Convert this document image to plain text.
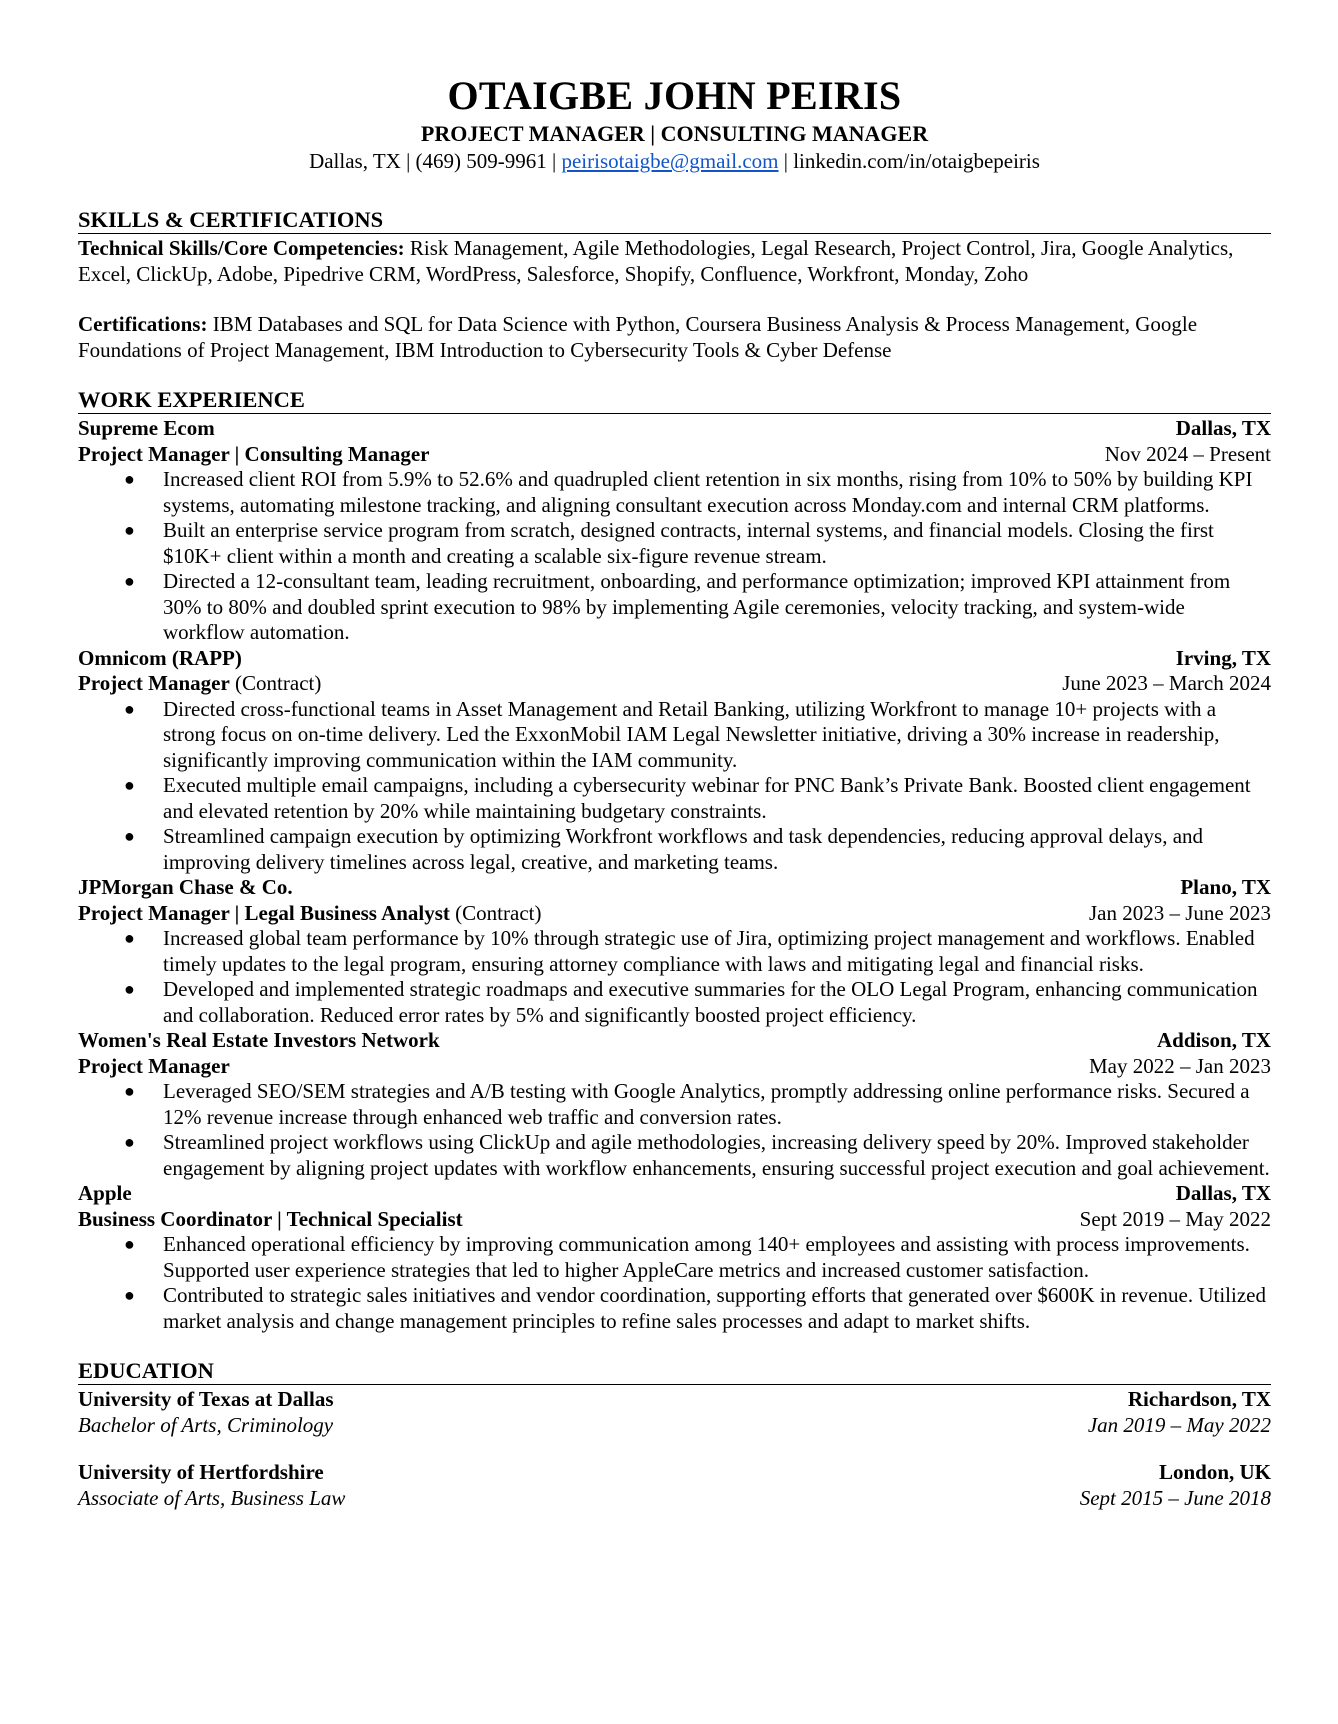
OTAIGBE JOHN PEIRIS
PROJECT MANAGER | CONSULTING MANAGER
Dallas, TX | (469) 509-9961 | peirisotaigbe@gmail.com | linkedin.com/in/otaigbepeiris
SKILLS & CERTIFICATIONS

Technical Skills/Core Competencies: Risk Management, Agile Methodologies, Legal Research, Project Control, Jira, Google Analytics, Excel, ClickUp, Adobe, Pipedrive CRM, WordPress, Salesforce, Shopify, Confluence, Workfront, Monday, Zoho

Certifications: IBM Databases and SQL for Data Science with Python, Coursera Business Analysis & Process Management, Google Foundations of Project Management, IBM Introduction to Cybersecurity Tools & Cyber Defense

WORK EXPERIENCE
Supreme Ecom	Dallas, TX
Project Manager | Consulting Manager	Nov 2024 – Present
● Increased client ROI from 5.9% to 52.6% and quadrupled client retention in six months, rising from 10% to 50% by building KPI systems, automating milestone tracking, and aligning consultant execution across Monday.com and internal CRM platforms.
● Built an enterprise service program from scratch, designed contracts, internal systems, and financial models. Closing the first $10K+ client within a month and creating a scalable six-figure revenue stream.
● Directed a 12-consultant team, leading recruitment, onboarding, and performance optimization; improved KPI attainment from 30% to 80% and doubled sprint execution to 98% by implementing Agile ceremonies, velocity tracking, and system-wide workflow automation.
Omnicom (RAPP)	Irving, TX
Project Manager (Contract)	June 2023 – March 2024
● Directed cross-functional teams in Asset Management and Retail Banking, utilizing Workfront to manage 10+ projects with a strong focus on on-time delivery. Led the ExxonMobil IAM Legal Newsletter initiative, driving a 30% increase in readership, significantly improving communication within the IAM community.
● Executed multiple email campaigns, including a cybersecurity webinar for PNC Bank’s Private Bank. Boosted client engagement and elevated retention by 20% while maintaining budgetary constraints.
● Streamlined campaign execution by optimizing Workfront workflows and task dependencies, reducing approval delays, and improving delivery timelines across legal, creative, and marketing teams.
JPMorgan Chase & Co.	Plano, TX
Project Manager | Legal Business Analyst (Contract)	Jan 2023 – June 2023
● Increased global team performance by 10% through strategic use of Jira, optimizing project management and workflows. Enabled timely updates to the legal program, ensuring attorney compliance with laws and mitigating legal and financial risks.
● Developed and implemented strategic roadmaps and executive summaries for the OLO Legal Program, enhancing communication and collaboration. Reduced error rates by 5% and significantly boosted project efficiency.
Women's Real Estate Investors Network	Addison, TX
Project Manager	May 2022 – Jan 2023
● Leveraged SEO/SEM strategies and A/B testing with Google Analytics, promptly addressing online performance risks. Secured a 12% revenue increase through enhanced web traffic and conversion rates.
● Streamlined project workflows using ClickUp and agile methodologies, increasing delivery speed by 20%. Improved stakeholder engagement by aligning project updates with workflow enhancements, ensuring successful project execution and goal achievement.
Apple	Dallas, TX
Business Coordinator | Technical Specialist	Sept 2019 – May 2022
● Enhanced operational efficiency by improving communication among 140+ employees and assisting with process improvements. Supported user experience strategies that led to higher AppleCare metrics and increased customer satisfaction.
● Contributed to strategic sales initiatives and vendor coordination, supporting efforts that generated over $600K in revenue. Utilized market analysis and change management principles to refine sales processes and adapt to market shifts.
EDUCATION
University of Texas at Dallas	Richardson, TX
Bachelor of Arts, Criminology	Jan 2019 – May 2022
University of Hertfordshire	London, UK
Associate of Arts, Business Law	Sept 2015 – June 2018
